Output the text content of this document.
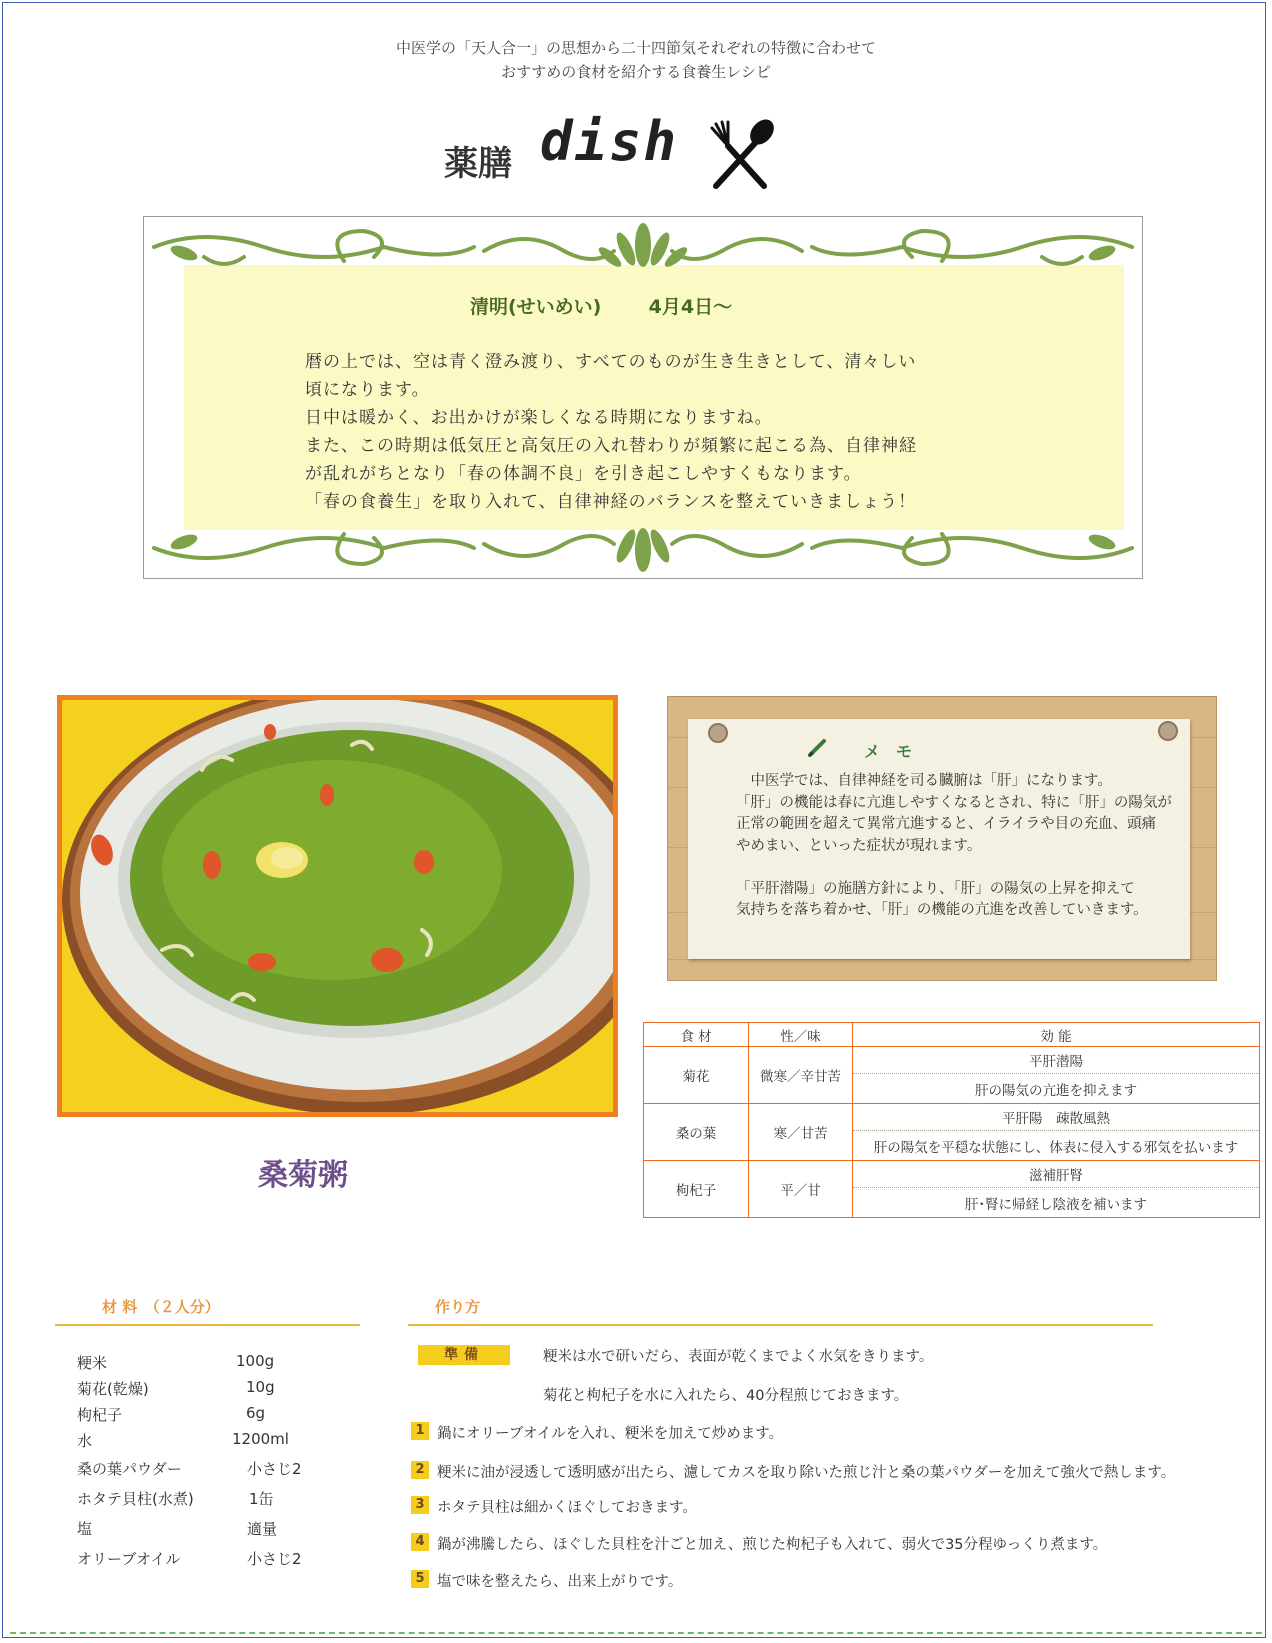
中医学の「天人合一」の思想から二十四節気それぞれの特徴に合わせて
おすすめの食材を紹介する食養生レシピ
薬膳 dish
清明(せいめい) 4月4日～
暦の上では、空は青く澄み渡り、すべてのものが生き生きとして、清々しい
頃になります。
日中は暖かく、お出かけが楽しくなる時期になりますね。
また、この時期は低気圧と高気圧の入れ替わりが頻繁に起こる為、自律神経
が乱れがちとなり「春の体調不良」を引き起こしやすくもなります。
「春の食養生」を取り入れて、自律神経のバランスを整えていきましょう！
桑菊粥
メ　モ
　中医学では、自律神経を司る臓腑は「肝」になります。
「肝」の機能は春に亢進しやすくなるとされ、特に「肝」の陽気が
正常の範囲を超えて異常亢進すると、イライラや目の充血、頭痛
やめまい、といった症状が現れます。
「平肝潜陽」の施膳方針により、「肝」の陽気の上昇を抑えて
気持ちを落ち着かせ、「肝」の機能の亢進を改善していきます。
食 材	性／味	効 能
菊花	微寒／辛甘苦	平肝潜陽
		肝の陽気の亢進を抑えます
桑の葉	寒／甘苦	平肝陽　疎散風熱
		肝の陽気を平穏な状態にし、体表に侵入する邪気を払います
枸杞子	平／甘	滋補肝腎
		肝･腎に帰経し陰液を補います
材 料　（２人分）
粳米	100g
菊花(乾燥)	10g
枸杞子	6g
水	1200ml
桑の葉パウダー	小さじ2
ホタテ貝柱(水煮)	1缶
塩	適量
オリーブオイル	小さじ2
作り方
準備	粳米は水で研いだら、表面が乾くまでよく水気をきります。
菊花と枸杞子を水に入れたら、40分程煎じておきます。
1 鍋にオリーブオイルを入れ、粳米を加えて炒めます。
2 粳米に油が浸透して透明感が出たら、濾してカスを取り除いた煎じ汁と桑の葉パウダーを加えて強火で熱します。
3 ホタテ貝柱は細かくほぐしておきます。
4 鍋が沸騰したら、ほぐした貝柱を汁ごと加え、煎じた枸杞子も入れて、弱火で35分程ゆっくり煮ます。
5 塩で味を整えたら、出来上がりです。
